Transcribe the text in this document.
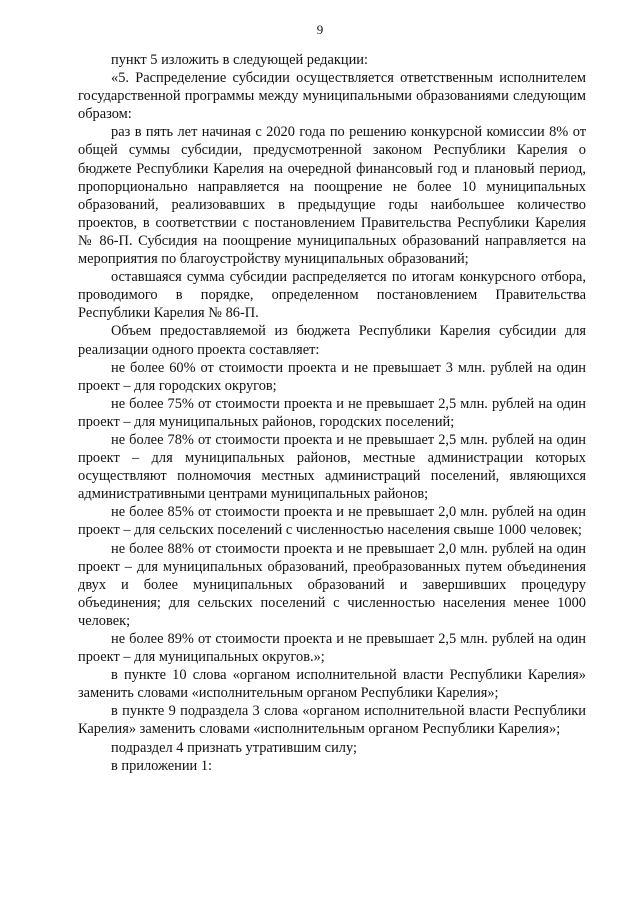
9

пункт 5 изложить в следующей редакции:

«5. Распределение субсидии осуществляется ответственным исполнителем государственной программы между муниципальными образованиями следующим образом:

раз в пять лет начиная с 2020 года по решению конкурсной комиссии 8% от общей суммы субсидии, предусмотренной законом Республики Карелия о бюджете Республики Карелия на очередной финансовый год и плановый период, пропорционально направляется на поощрение не более 10 муниципальных образований, реализовавших в предыдущие годы наибольшее количество проектов, в соответствии с постановлением Правительства Республики Карелия № 86-П. Субсидия на поощрение муниципальных образований направляется на мероприятия по благоустройству муниципальных образований;

оставшаяся сумма субсидии распределяется по итогам конкурсного отбора, проводимого в порядке, определенном постановлением Правительства Республики Карелия № 86-П.

Объем предоставляемой из бюджета Республики Карелия субсидии для реализации одного проекта составляет:

не более 60% от стоимости проекта и не превышает 3 млн. рублей на один проект – для городских округов;

не более 75% от стоимости проекта и не превышает 2,5 млн. рублей на один проект – для муниципальных районов, городских поселений;

не более 78% от стоимости проекта и не превышает 2,5 млн. рублей на один проект – для муниципальных районов, местные администрации которых осуществляют полномочия местных администраций поселений, являющихся административными центрами муниципальных районов;

не более 85% от стоимости проекта и не превышает 2,0 млн. рублей на один проект – для сельских поселений с численностью населения свыше 1000 человек;

не более 88% от стоимости проекта и не превышает 2,0 млн. рублей на один проект – для муниципальных образований, преобразованных путем объединения двух и более муниципальных образований и завершивших процедуру объединения; для сельских поселений с численностью населения менее 1000 человек;

не более 89% от стоимости проекта и не превышает 2,5 млн. рублей на один проект – для муниципальных округов.»;

в пункте 10 слова «органом исполнительной власти Республики Карелия» заменить словами «исполнительным органом Республики Карелия»;

в пункте 9 подраздела 3 слова «органом исполнительной власти Республики Карелия» заменить словами «исполнительным органом Республики Карелия»;

подраздел 4 признать утратившим силу;

в приложении 1:
